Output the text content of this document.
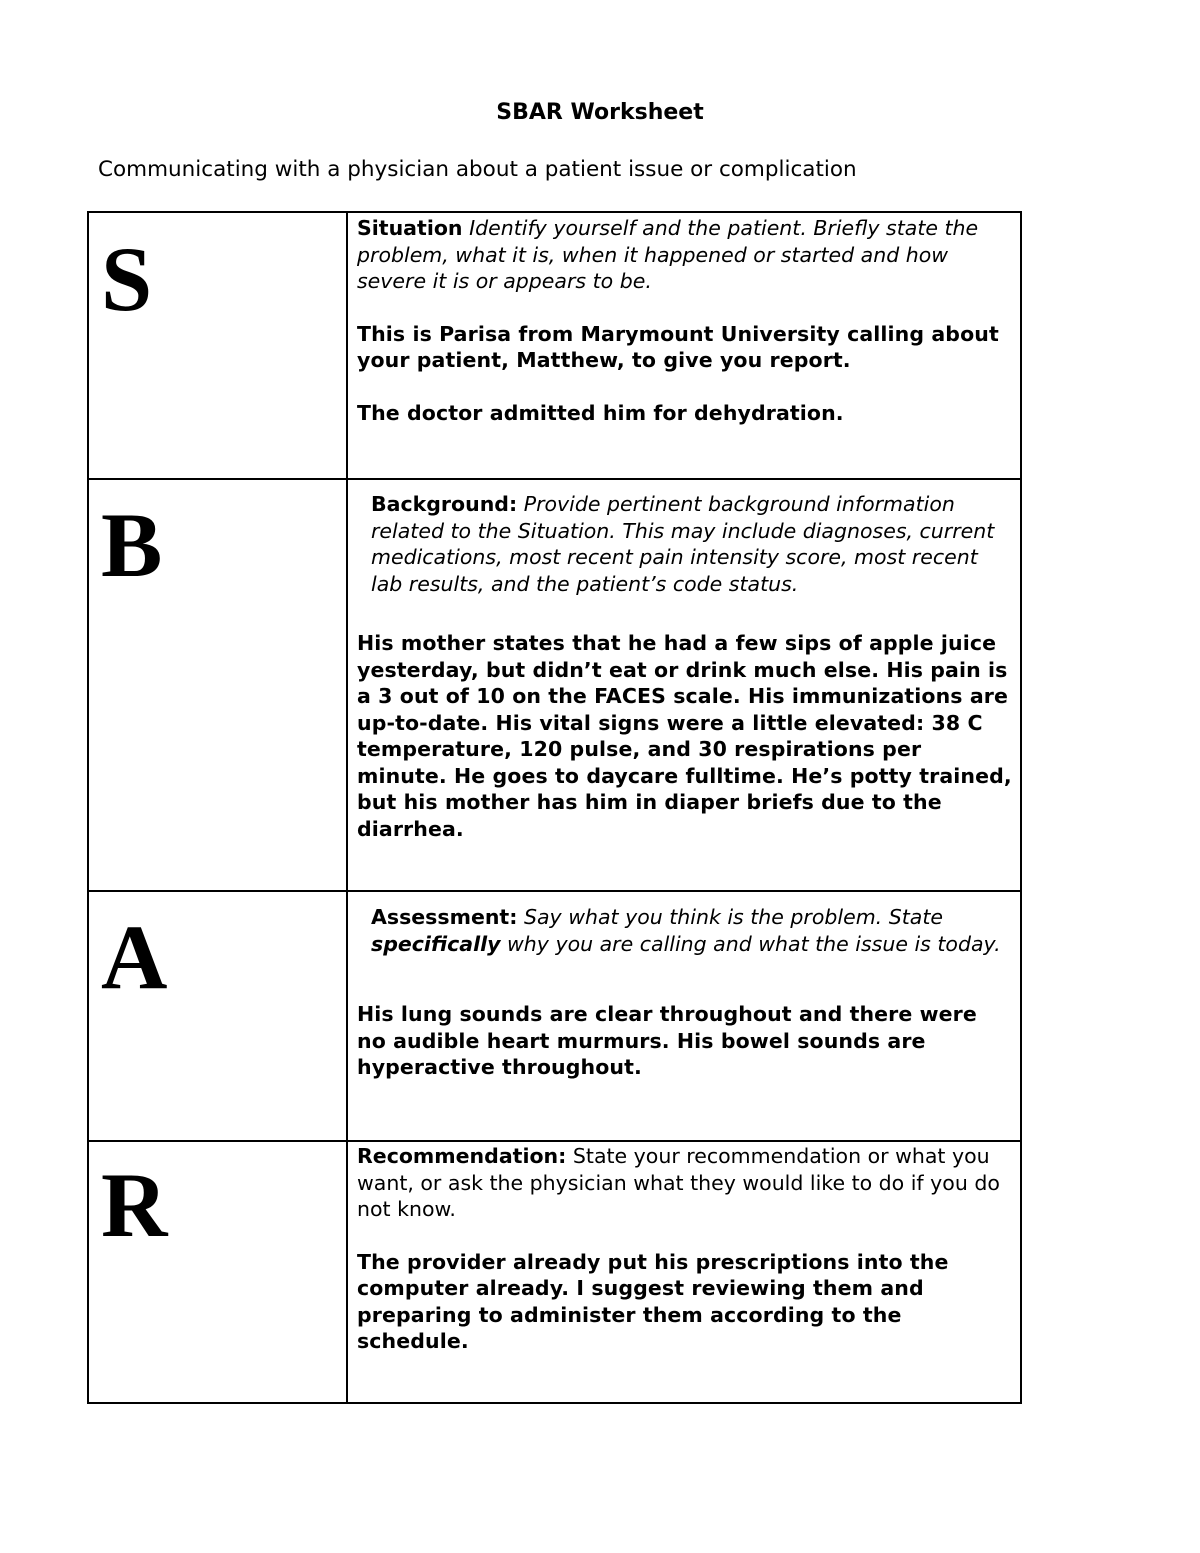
SBAR Worksheet
Communicating with a physician about a patient issue or complication
S	Situation Identify yourself and the patient. Briefly state the problem, what it is, when it happened or started and how severe it is or appears to be.

This is Parisa from Marymount University calling about your patient, Matthew, to give you report.

The doctor admitted him for dehydration.

B	Background: Provide pertinent background information related to the Situation. This may include diagnoses, current medications, most recent pain intensity score, most recent lab results, and the patient’s code status.

His mother states that he had a few sips of apple juice yesterday, but didn’t eat or drink much else. His pain is a 3 out of 10 on the FACES scale. His immunizations are up-to-date. His vital signs were a little elevated: 38 C temperature, 120 pulse, and 30 respirations per minute. He goes to daycare fulltime. He’s potty trained, but his mother has him in diaper briefs due to the diarrhea.

A	Assessment: Say what you think is the problem. State specifically why you are calling and what the issue is today.

His lung sounds are clear throughout and there were no audible heart murmurs. His bowel sounds are hyperactive throughout.

R	Recommendation: State your recommendation or what you want, or ask the physician what they would like to do if you do not know.

The provider already put his prescriptions into the computer already. I suggest reviewing them and preparing to administer them according to the schedule.
